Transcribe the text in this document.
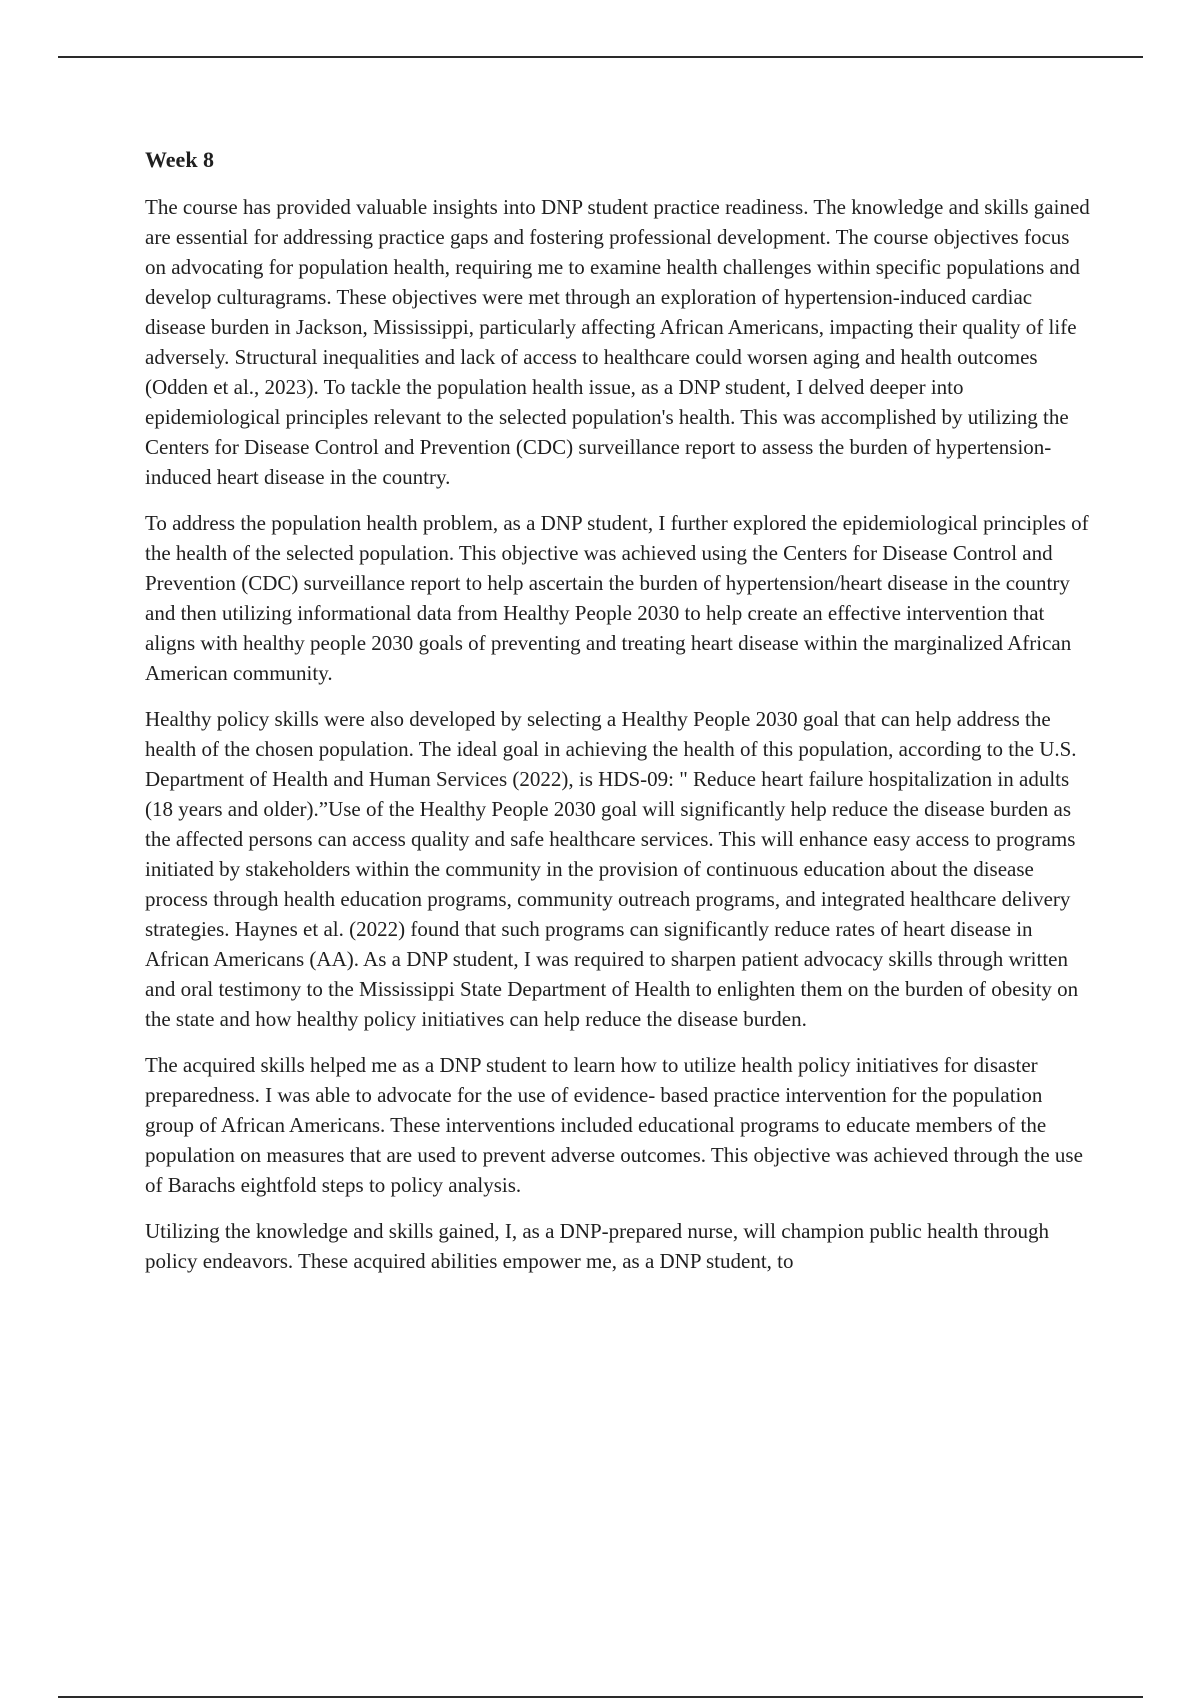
Week 8

The course has provided valuable insights into DNP student practice readiness. The knowledge and skills gained are essential for addressing practice gaps and fostering professional development. The course objectives focus on advocating for population health, requiring me to examine health challenges within specific populations and develop culturagrams. These objectives were met through an exploration of hypertension-induced cardiac disease burden in Jackson, Mississippi, particularly affecting African Americans, impacting their quality of life adversely. Structural inequalities and lack of access to healthcare could worsen aging and health outcomes (Odden et al., 2023). To tackle the population health issue, as a DNP student, I delved deeper into epidemiological principles relevant to the selected population's health. This was accomplished by utilizing the Centers for Disease Control and Prevention (CDC) surveillance report to assess the burden of hypertension-induced heart disease in the country.

To address the population health problem, as a DNP student, I further explored the epidemiological principles of the health of the selected population. This objective was achieved using the Centers for Disease Control and Prevention (CDC) surveillance report to help ascertain the burden of hypertension/heart disease in the country and then utilizing informational data from Healthy People 2030 to help create an effective intervention that aligns with healthy people 2030 goals of preventing and treating heart disease within the marginalized African American community.

Healthy policy skills were also developed by selecting a Healthy People 2030 goal that can help address the health of the chosen population. The ideal goal in achieving the health of this population, according to the U.S. Department of Health and Human Services (2022), is HDS-09: " Reduce heart failure hospitalization in adults (18 years and older).”Use of the Healthy People 2030 goal will significantly help reduce the disease burden as the affected persons can access quality and safe healthcare services. This will enhance easy access to programs initiated by stakeholders within the community in the provision of continuous education about the disease process through health education programs, community outreach programs, and integrated healthcare delivery strategies. Haynes et al. (2022) found that such programs can significantly reduce rates of heart disease in African Americans (AA). As a DNP student, I was required to sharpen patient advocacy skills through written and oral testimony to the Mississippi State Department of Health to enlighten them on the burden of obesity on the state and how healthy policy initiatives can help reduce the disease burden.

The acquired skills helped me as a DNP student to learn how to utilize health policy initiatives for disaster preparedness. I was able to advocate for the use of evidence- based practice intervention for the population group of African Americans. These interventions included educational programs to educate members of the population on measures that are used to prevent adverse outcomes. This objective was achieved through the use of Barachs eightfold steps to policy analysis.

Utilizing the knowledge and skills gained, I, as a DNP-prepared nurse, will champion public health through policy endeavors. These acquired abilities empower me, as a DNP student, to
